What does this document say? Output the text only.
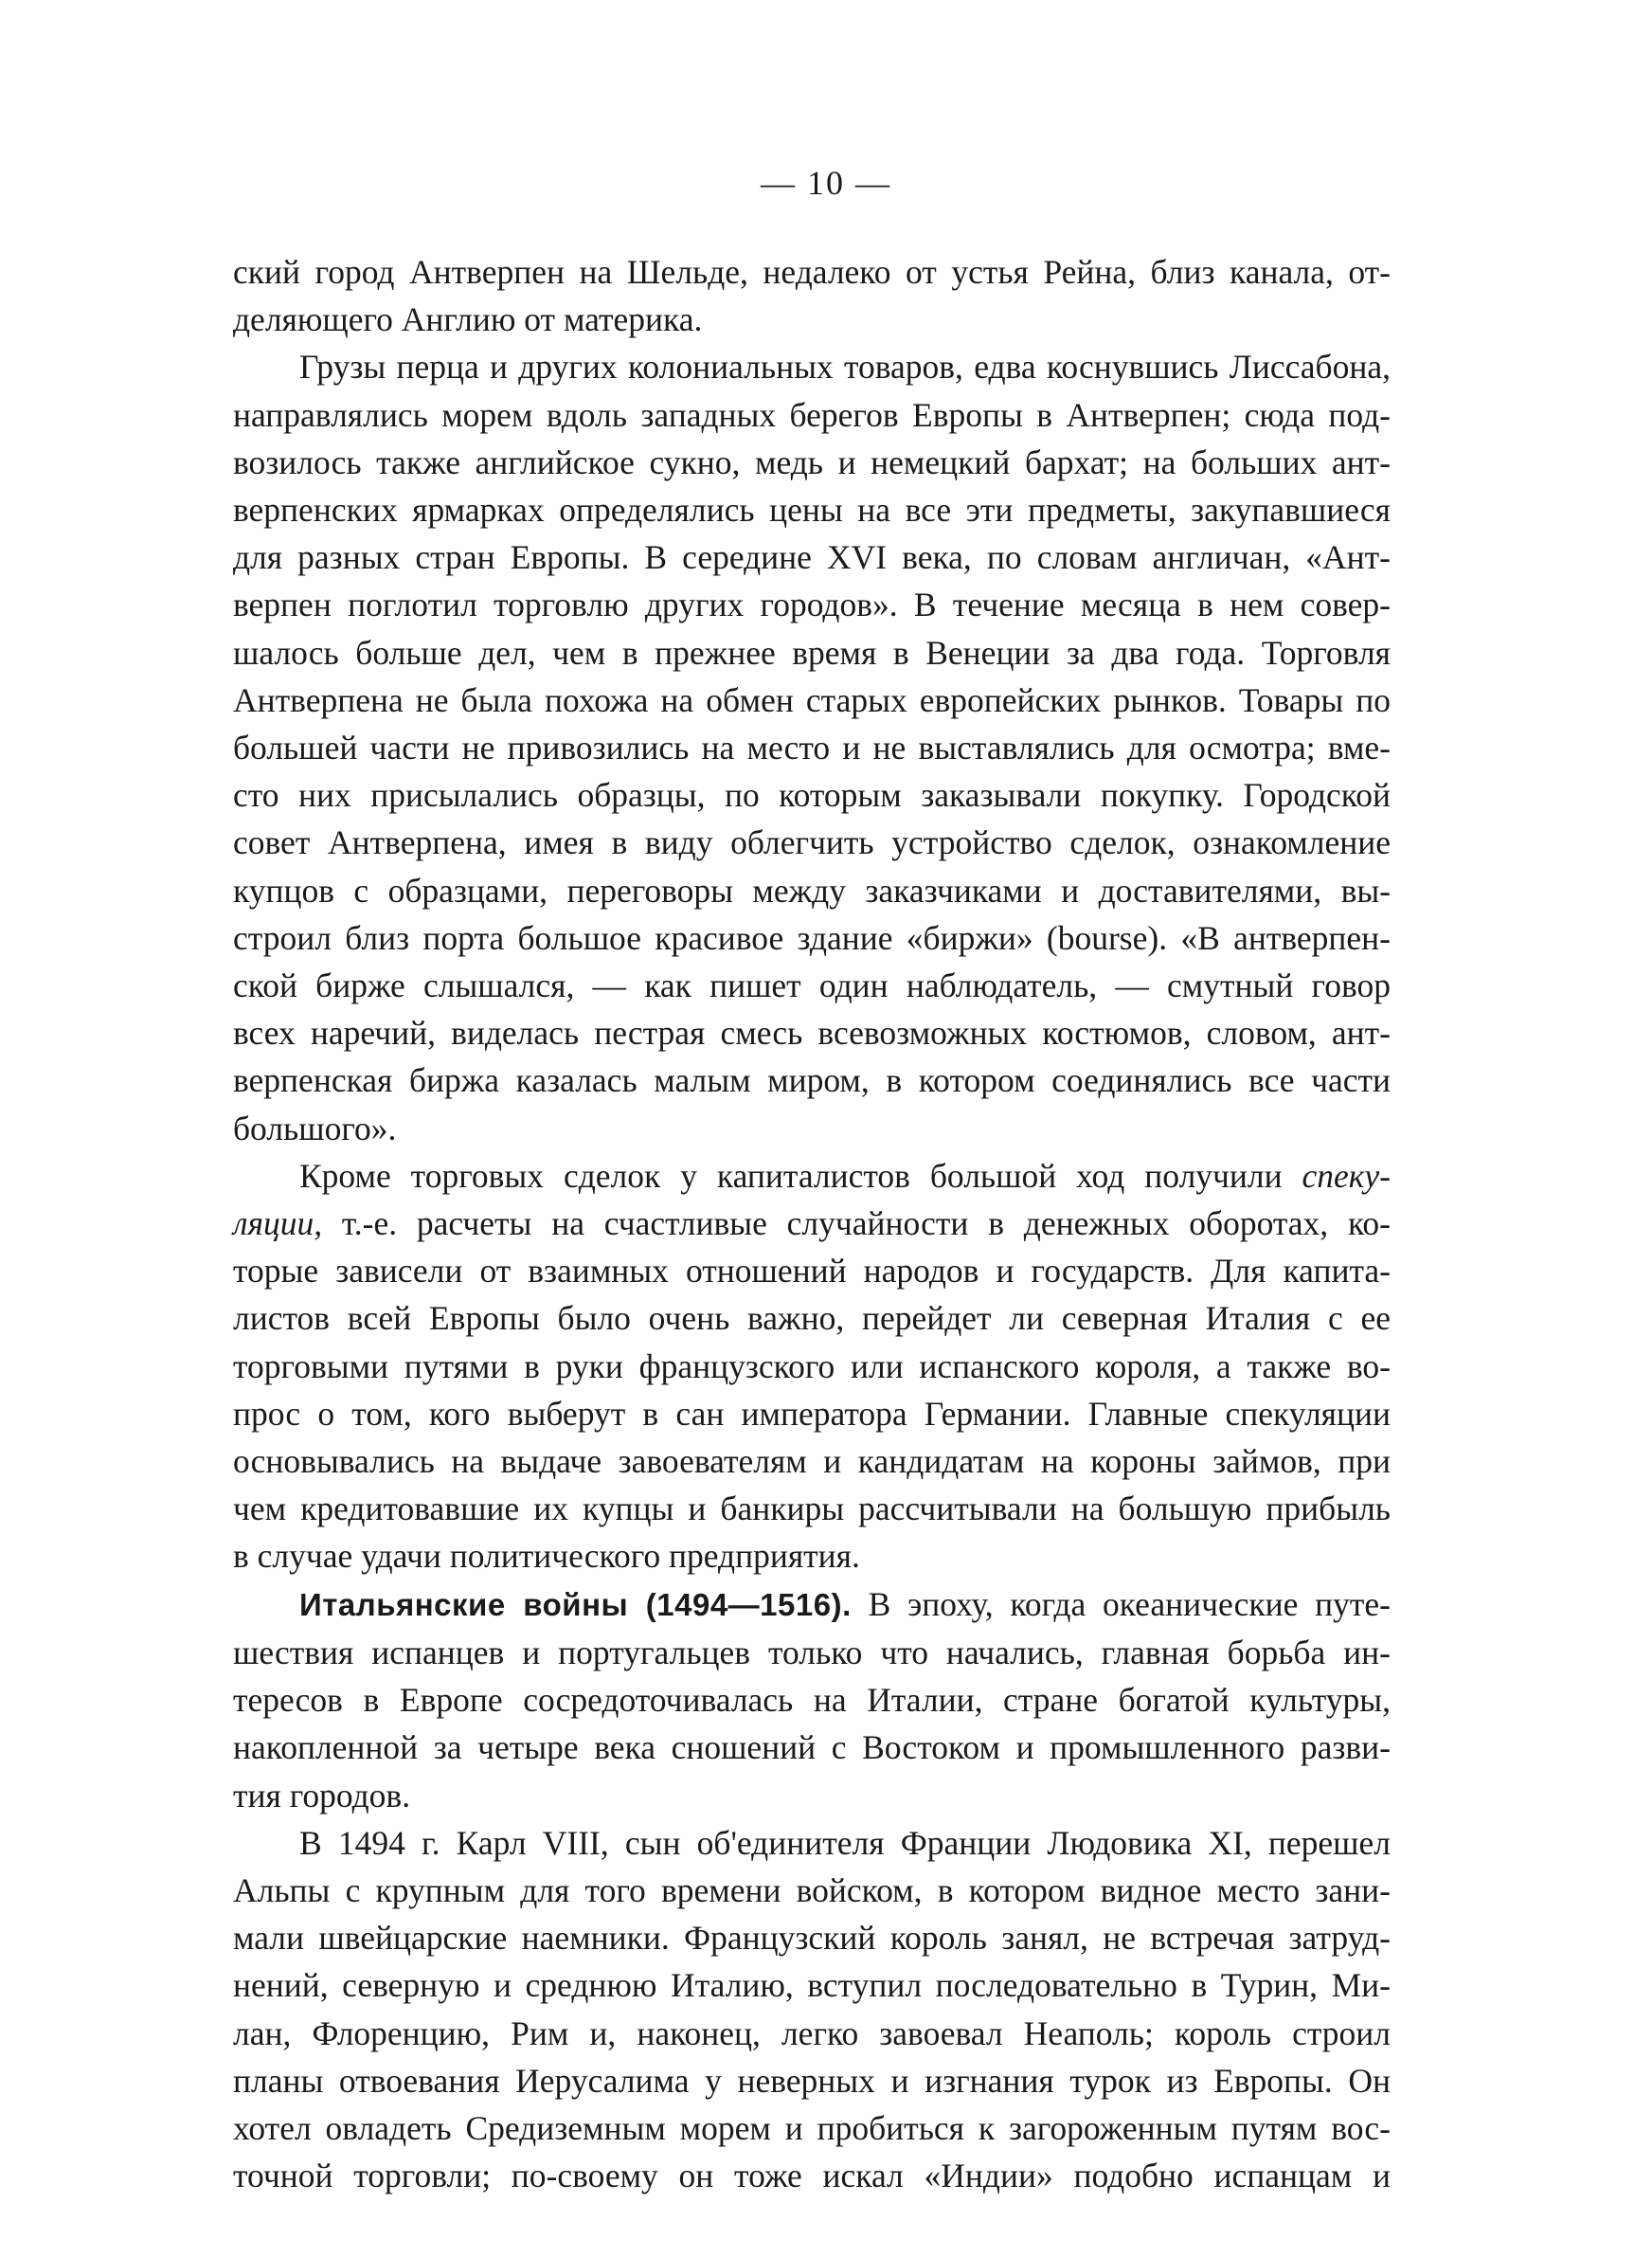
— 10 —
ский город Антверпен на Шельде, недалеко от устья Рейна, близ канала, от-
деляющего Англию от материка.
Грузы перца и других колониальных товаров, едва коснувшись Лиссабона,
направлялись морем вдоль западных берегов Европы в Антверпен; сюда под-
возилось также английское сукно, медь и немецкий бархат; на больших ант-
верпенских ярмарках определялись цены на все эти предметы, закупавшиеся
для разных стран Европы. В середине XVI века, по словам англичан, «Ант-
верпен поглотил торговлю других городов». В течение месяца в нем совер-
шалось больше дел, чем в прежнее время в Венеции за два года. Торговля
Антверпена не была похожа на обмен старых европейских рынков. Товары по
большей части не привозились на место и не выставлялись для осмотра; вме-
сто них присылались образцы, по которым заказывали покупку. Городской
совет Антверпена, имея в виду облегчить устройство сделок, ознакомление
купцов с образцами, переговоры между заказчиками и доставителями, вы-
строил близ порта большое красивое здание «биржи» (bourse). «В антверпен-
ской бирже слышался, — как пишет один наблюдатель, — смутный говор
всех наречий, виделась пестрая смесь всевозможных костюмов, словом, ант-
верпенская биржа казалась малым миром, в котором соединялись все части
большого».
Кроме торговых сделок у капиталистов большой ход получили спеку-
ляции, т.-е. расчеты на счастливые случайности в денежных оборотах, ко-
торые зависели от взаимных отношений народов и государств. Для капита-
листов всей Европы было очень важно, перейдет ли северная Италия с ее
торговыми путями в руки французского или испанского короля, а также во-
прос о том, кого выберут в сан императора Германии. Главные спекуляции
основывались на выдаче завоевателям и кандидатам на короны займов, при
чем кредитовавшие их купцы и банкиры рассчитывали на большую прибыль
в случае удачи политического предприятия.
Итальянские войны (1494—1516). В эпоху, когда океанические путе-
шествия испанцев и португальцев только что начались, главная борьба ин-
тересов в Европе сосредоточивалась на Италии, стране богатой культуры,
накопленной за четыре века сношений с Востоком и промышленного разви-
тия городов.
В 1494 г. Карл VIII, сын об'единителя Франции Людовика XI, перешел
Альпы с крупным для того времени войском, в котором видное место зани-
мали швейцарские наемники. Французский король занял, не встречая затруд-
нений, северную и среднюю Италию, вступил последовательно в Турин, Ми-
лан, Флоренцию, Рим и, наконец, легко завоевал Неаполь; король строил
планы отвоевания Иерусалима у неверных и изгнания турок из Европы. Он
хотел овладеть Средиземным морем и пробиться к загороженным путям вос-
точной торговли; по-своему он тоже искал «Индии» подобно испанцам и
